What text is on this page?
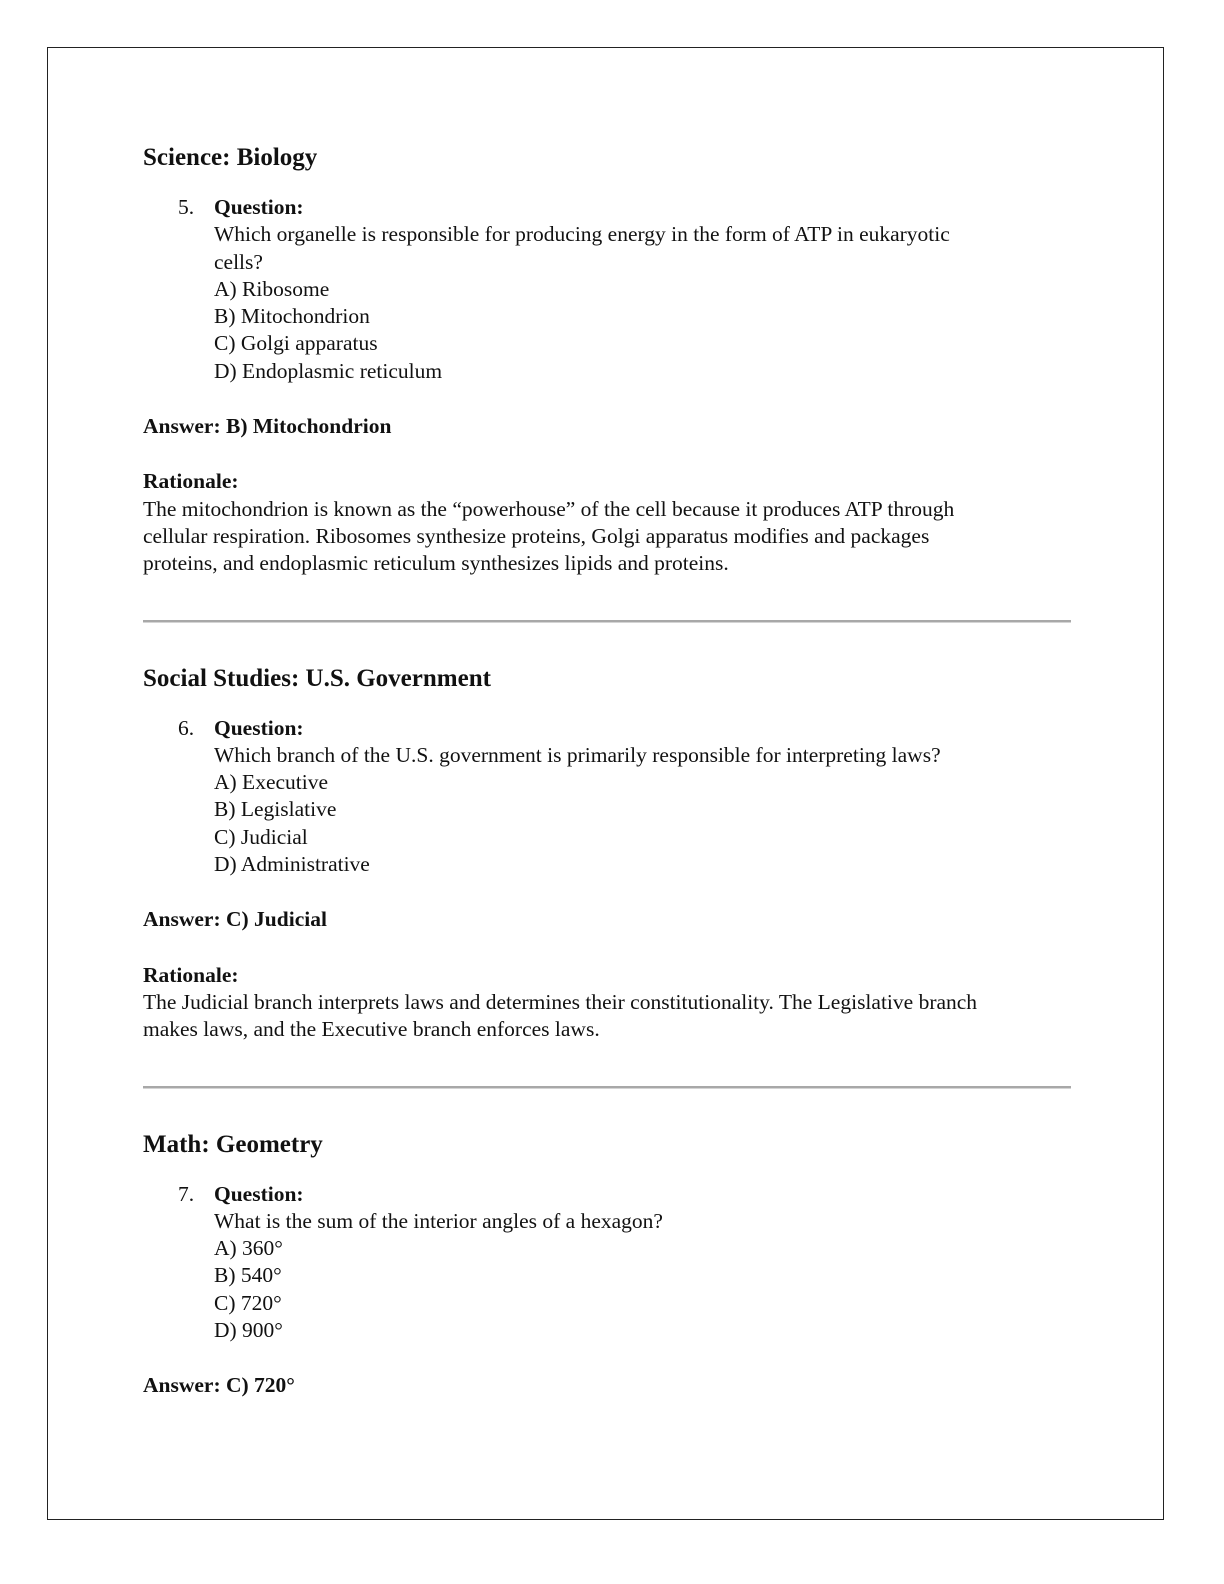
Science: Biology
5. Question:
Which organelle is responsible for producing energy in the form of ATP in eukaryotic
cells?
A) Ribosome
B) Mitochondrion
C) Golgi apparatus
D) Endoplasmic reticulum
Answer: B) Mitochondrion
Rationale:
The mitochondrion is known as the “powerhouse” of the cell because it produces ATP through
cellular respiration. Ribosomes synthesize proteins, Golgi apparatus modifies and packages
proteins, and endoplasmic reticulum synthesizes lipids and proteins.
Social Studies: U.S. Government
6. Question:
Which branch of the U.S. government is primarily responsible for interpreting laws?
A) Executive
B) Legislative
C) Judicial
D) Administrative
Answer: C) Judicial
Rationale:
The Judicial branch interprets laws and determines their constitutionality. The Legislative branch
makes laws, and the Executive branch enforces laws.
Math: Geometry
7. Question:
What is the sum of the interior angles of a hexagon?
A) 360°
B) 540°
C) 720°
D) 900°
Answer: C) 720°
